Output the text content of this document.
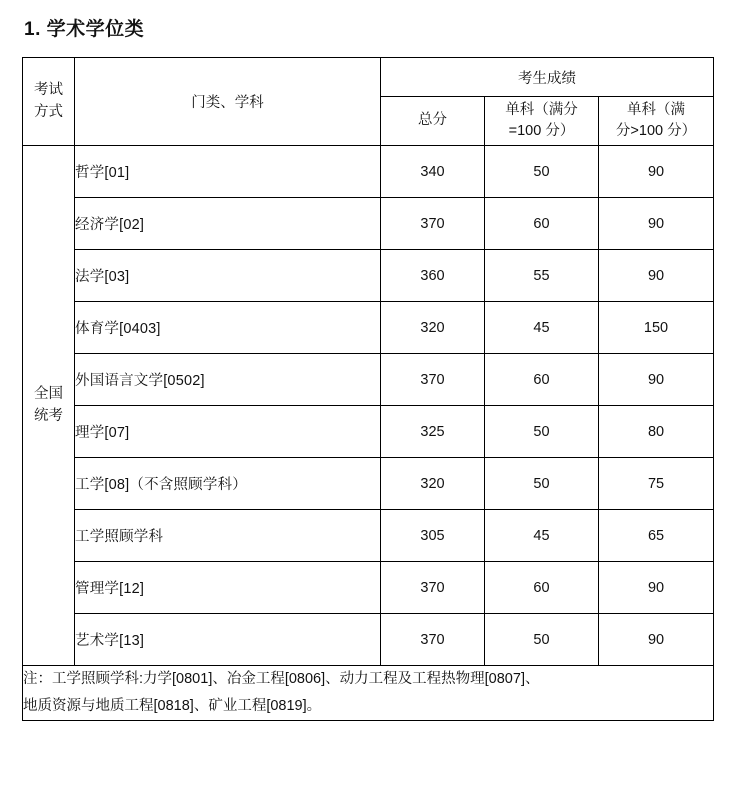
1. 学术学位类
考试
方式	门类、学科	考生成绩		
		总分	单科（满分
=100 分）	单科（满
分>100 分）
全国
统考	哲学[01]	340	50	90
	经济学[02]	370	60	90
	法学[03]	360	55	90
	体育学[0403]	320	45	150
	外国语言文学[0502]	370	60	90
	理学[07]	325	50	80
	工学[08]（不含照顾学科）	320	50	75
	工学照顾学科	305	45	65
	管理学[12]	370	60	90
	艺术学[13]	370	50	90

注：工学照顾学科:力学[0801]、冶金工程[0806]、动力工程及工程热物理[0807]、
地质资源与地质工程[0818]、矿业工程[0819]。				
